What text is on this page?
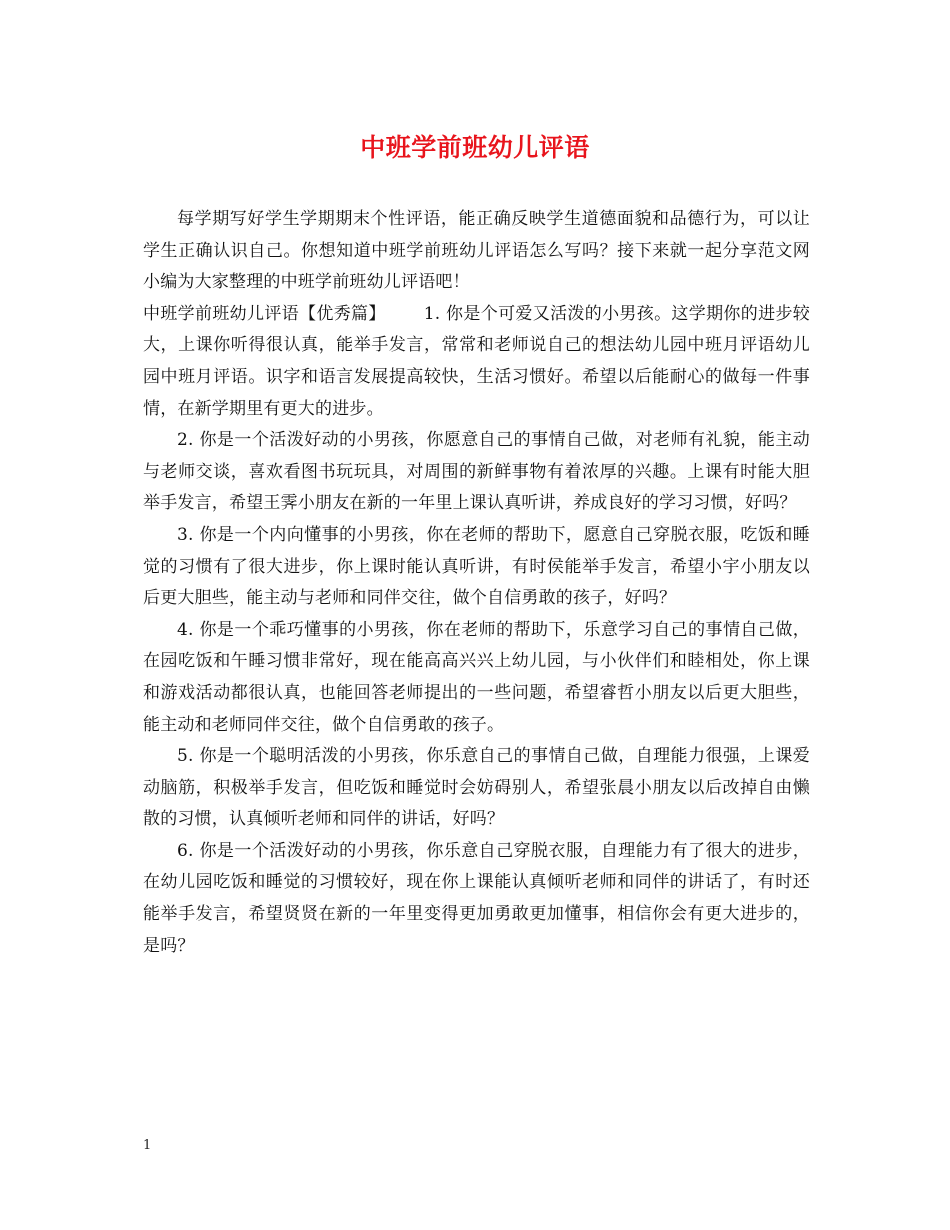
中班学前班幼儿评语

每学期写好学生学期期末个性评语，能正确反映学生道德面貌和品德行为，可以让学生正确认识自己。你想知道中班学前班幼儿评语怎么写吗？接下来就一起分享范文网小编为大家整理的中班学前班幼儿评语吧！

中班学前班幼儿评语【优秀篇】 1. 你是个可爱又活泼的小男孩。这学期你的进步较大，上课你听得很认真，能举手发言，常常和老师说自己的想法幼儿园中班月评语幼儿园中班月评语。识字和语言发展提高较快，生活习惯好。希望以后能耐心的做每一件事情，在新学期里有更大的进步。

2. 你是一个活泼好动的小男孩，你愿意自己的事情自己做，对老师有礼貌，能主动与老师交谈，喜欢看图书玩玩具，对周围的新鲜事物有着浓厚的兴趣。上课有时能大胆举手发言，希望王霁小朋友在新的一年里上课认真听讲，养成良好的学习习惯，好吗？

3. 你是一个内向懂事的小男孩，你在老师的帮助下，愿意自己穿脱衣服，吃饭和睡觉的习惯有了很大进步，你上课时能认真听讲，有时侯能举手发言，希望小宇小朋友以后更大胆些，能主动与老师和同伴交往，做个自信勇敢的孩子，好吗？

4. 你是一个乖巧懂事的小男孩，你在老师的帮助下，乐意学习自己的事情自己做，在园吃饭和午睡习惯非常好，现在能高高兴兴上幼儿园，与小伙伴们和睦相处，你上课和游戏活动都很认真，也能回答老师提出的一些问题，希望睿哲小朋友以后更大胆些，能主动和老师同伴交往，做个自信勇敢的孩子。

5. 你是一个聪明活泼的小男孩，你乐意自己的事情自己做，自理能力很强，上课爱动脑筋，积极举手发言，但吃饭和睡觉时会妨碍别人，希望张晨小朋友以后改掉自由懒散的习惯，认真倾听老师和同伴的讲话，好吗？

6. 你是一个活泼好动的小男孩，你乐意自己穿脱衣服，自理能力有了很大的进步，在幼儿园吃饭和睡觉的习惯较好，现在你上课能认真倾听老师和同伴的讲话了，有时还能举手发言，希望贤贤在新的一年里变得更加勇敢更加懂事，相信你会有更大进步的，是吗？

1
